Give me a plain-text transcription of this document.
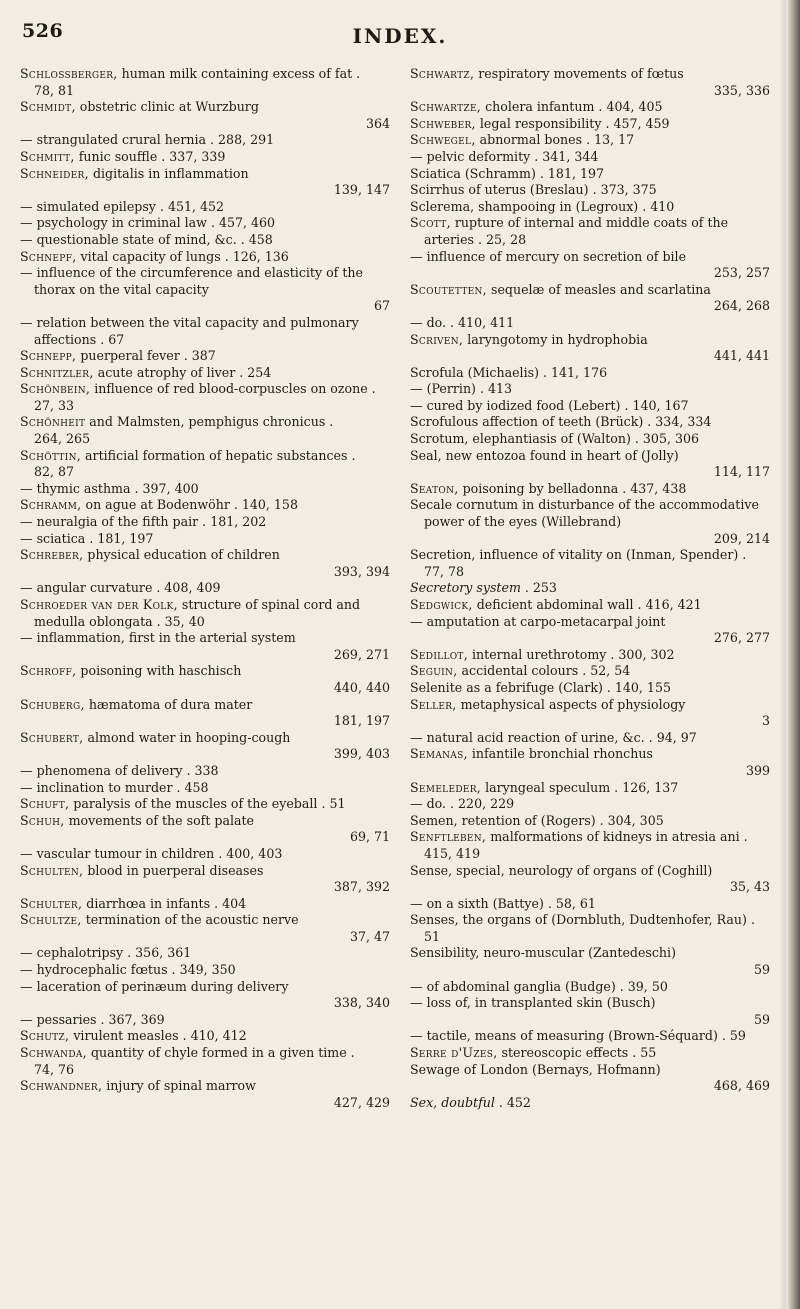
526	INDEX.
Schlossberger, human milk containing excess of fat . 78, 81
Schmidt, obstetric clinic at Wurzburg
364
— strangulated crural hernia . 288, 291
Schmitt, funic souffle . 337, 339
Schneider, digitalis in inflammation
139, 147
— simulated epilepsy . 451, 452
— psychology in criminal law . 457, 460
— questionable state of mind, &c. . 458
Schnepf, vital capacity of lungs . 126, 136
— influence of the circumference and elasticity of the thorax on the vital capacity
67
— relation between the vital capacity and pulmonary affections . 67
Schnepp, puerperal fever . 387
Schnitzler, acute atrophy of liver . 254
Schönbein, influence of red blood-corpuscles on ozone . 27, 33
Schönheit and Malmsten, pemphigus chronicus . 264, 265
Schöttin, artificial formation of hepatic substances . 82, 87
— thymic asthma . 397, 400
Schramm, on ague at Bodenwöhr . 140, 158
— neuralgia of the fifth pair . 181, 202
— sciatica . 181, 197
Schreber, physical education of children
393, 394
— angular curvature . 408, 409
Schroeder van der Kolk, structure of spinal cord and medulla oblongata . 35, 40
— inflammation, first in the arterial system
269, 271
Schroff, poisoning with haschisch
440, 440
Schuberg, hæmatoma of dura mater
181, 197
Schubert, almond water in hooping-cough
399, 403
— phenomena of delivery . 338
— inclination to murder . 458
Schuft, paralysis of the muscles of the eyeball . 51
Schuh, movements of the soft palate
69, 71
— vascular tumour in children . 400, 403
Schulten, blood in puerperal diseases
387, 392
Schulter, diarrhœa in infants . 404
Schultze, termination of the acoustic nerve
37, 47
— cephalotripsy . 356, 361
— hydrocephalic fœtus . 349, 350
— laceration of perinæum during delivery
338, 340
— pessaries . 367, 369
Schutz, virulent measles . 410, 412
Schwanda, quantity of chyle formed in a given time . 74, 76
Schwandner, injury of spinal marrow
427, 429
Schwartz, respiratory movements of fœtus
335, 336
Schwartze, cholera infantum . 404, 405
Schweber, legal responsibility . 457, 459
Schwegel, abnormal bones . 13, 17
— pelvic deformity . 341, 344
Sciatica (Schramm) . 181, 197
Scirrhus of uterus (Breslau) . 373, 375
Sclerema, shampooing in (Legroux) . 410
Scott, rupture of internal and middle coats of the arteries . 25, 28
— influence of mercury on secretion of bile
253, 257
Scoutetten, sequelæ of measles and scarlatina
264, 268
— do. . 410, 411
Scriven, laryngotomy in hydrophobia
441, 441
Scrofula (Michaelis) . 141, 176
— (Perrin) . 413
— cured by iodized food (Lebert) . 140, 167
Scrofulous affection of teeth (Brück) . 334, 334
Scrotum, elephantiasis of (Walton) . 305, 306
Seal, new entozoa found in heart of (Jolly)
114, 117
Seaton, poisoning by belladonna . 437, 438
Secale cornutum in disturbance of the accommodative power of the eyes (Willebrand)
209, 214
Secretion, influence of vitality on (Inman, Spender) . 77, 78
Secretory system . 253
Sedgwick, deficient abdominal wall . 416, 421
— amputation at carpo-metacarpal joint
276, 277
Sedillot, internal urethrotomy . 300, 302
Seguin, accidental colours . 52, 54
Selenite as a febrifuge (Clark) . 140, 155
Seller, metaphysical aspects of physiology
3
— natural acid reaction of urine, &c. . 94, 97
Semanas, infantile bronchial rhonchus
399
Semeleder, laryngeal speculum . 126, 137
— do. . 220, 229
Semen, retention of (Rogers) . 304, 305
Senftleben, malformations of kidneys in atresia ani . 415, 419
Sense, special, neurology of organs of (Coghill)
35, 43
— on a sixth (Battye) . 58, 61
Senses, the organs of (Dornbluth, Dudtenhofer, Rau) . 51
Sensibility, neuro-muscular (Zantedeschi)
59
— of abdominal ganglia (Budge) . 39, 50
— loss of, in transplanted skin (Busch)
59
— tactile, means of measuring (Brown-Séquard) . 59
Serre d'Uzes, stereoscopic effects . 55
Sewage of London (Bernays, Hofmann)
468, 469
Sex, doubtful . 452
